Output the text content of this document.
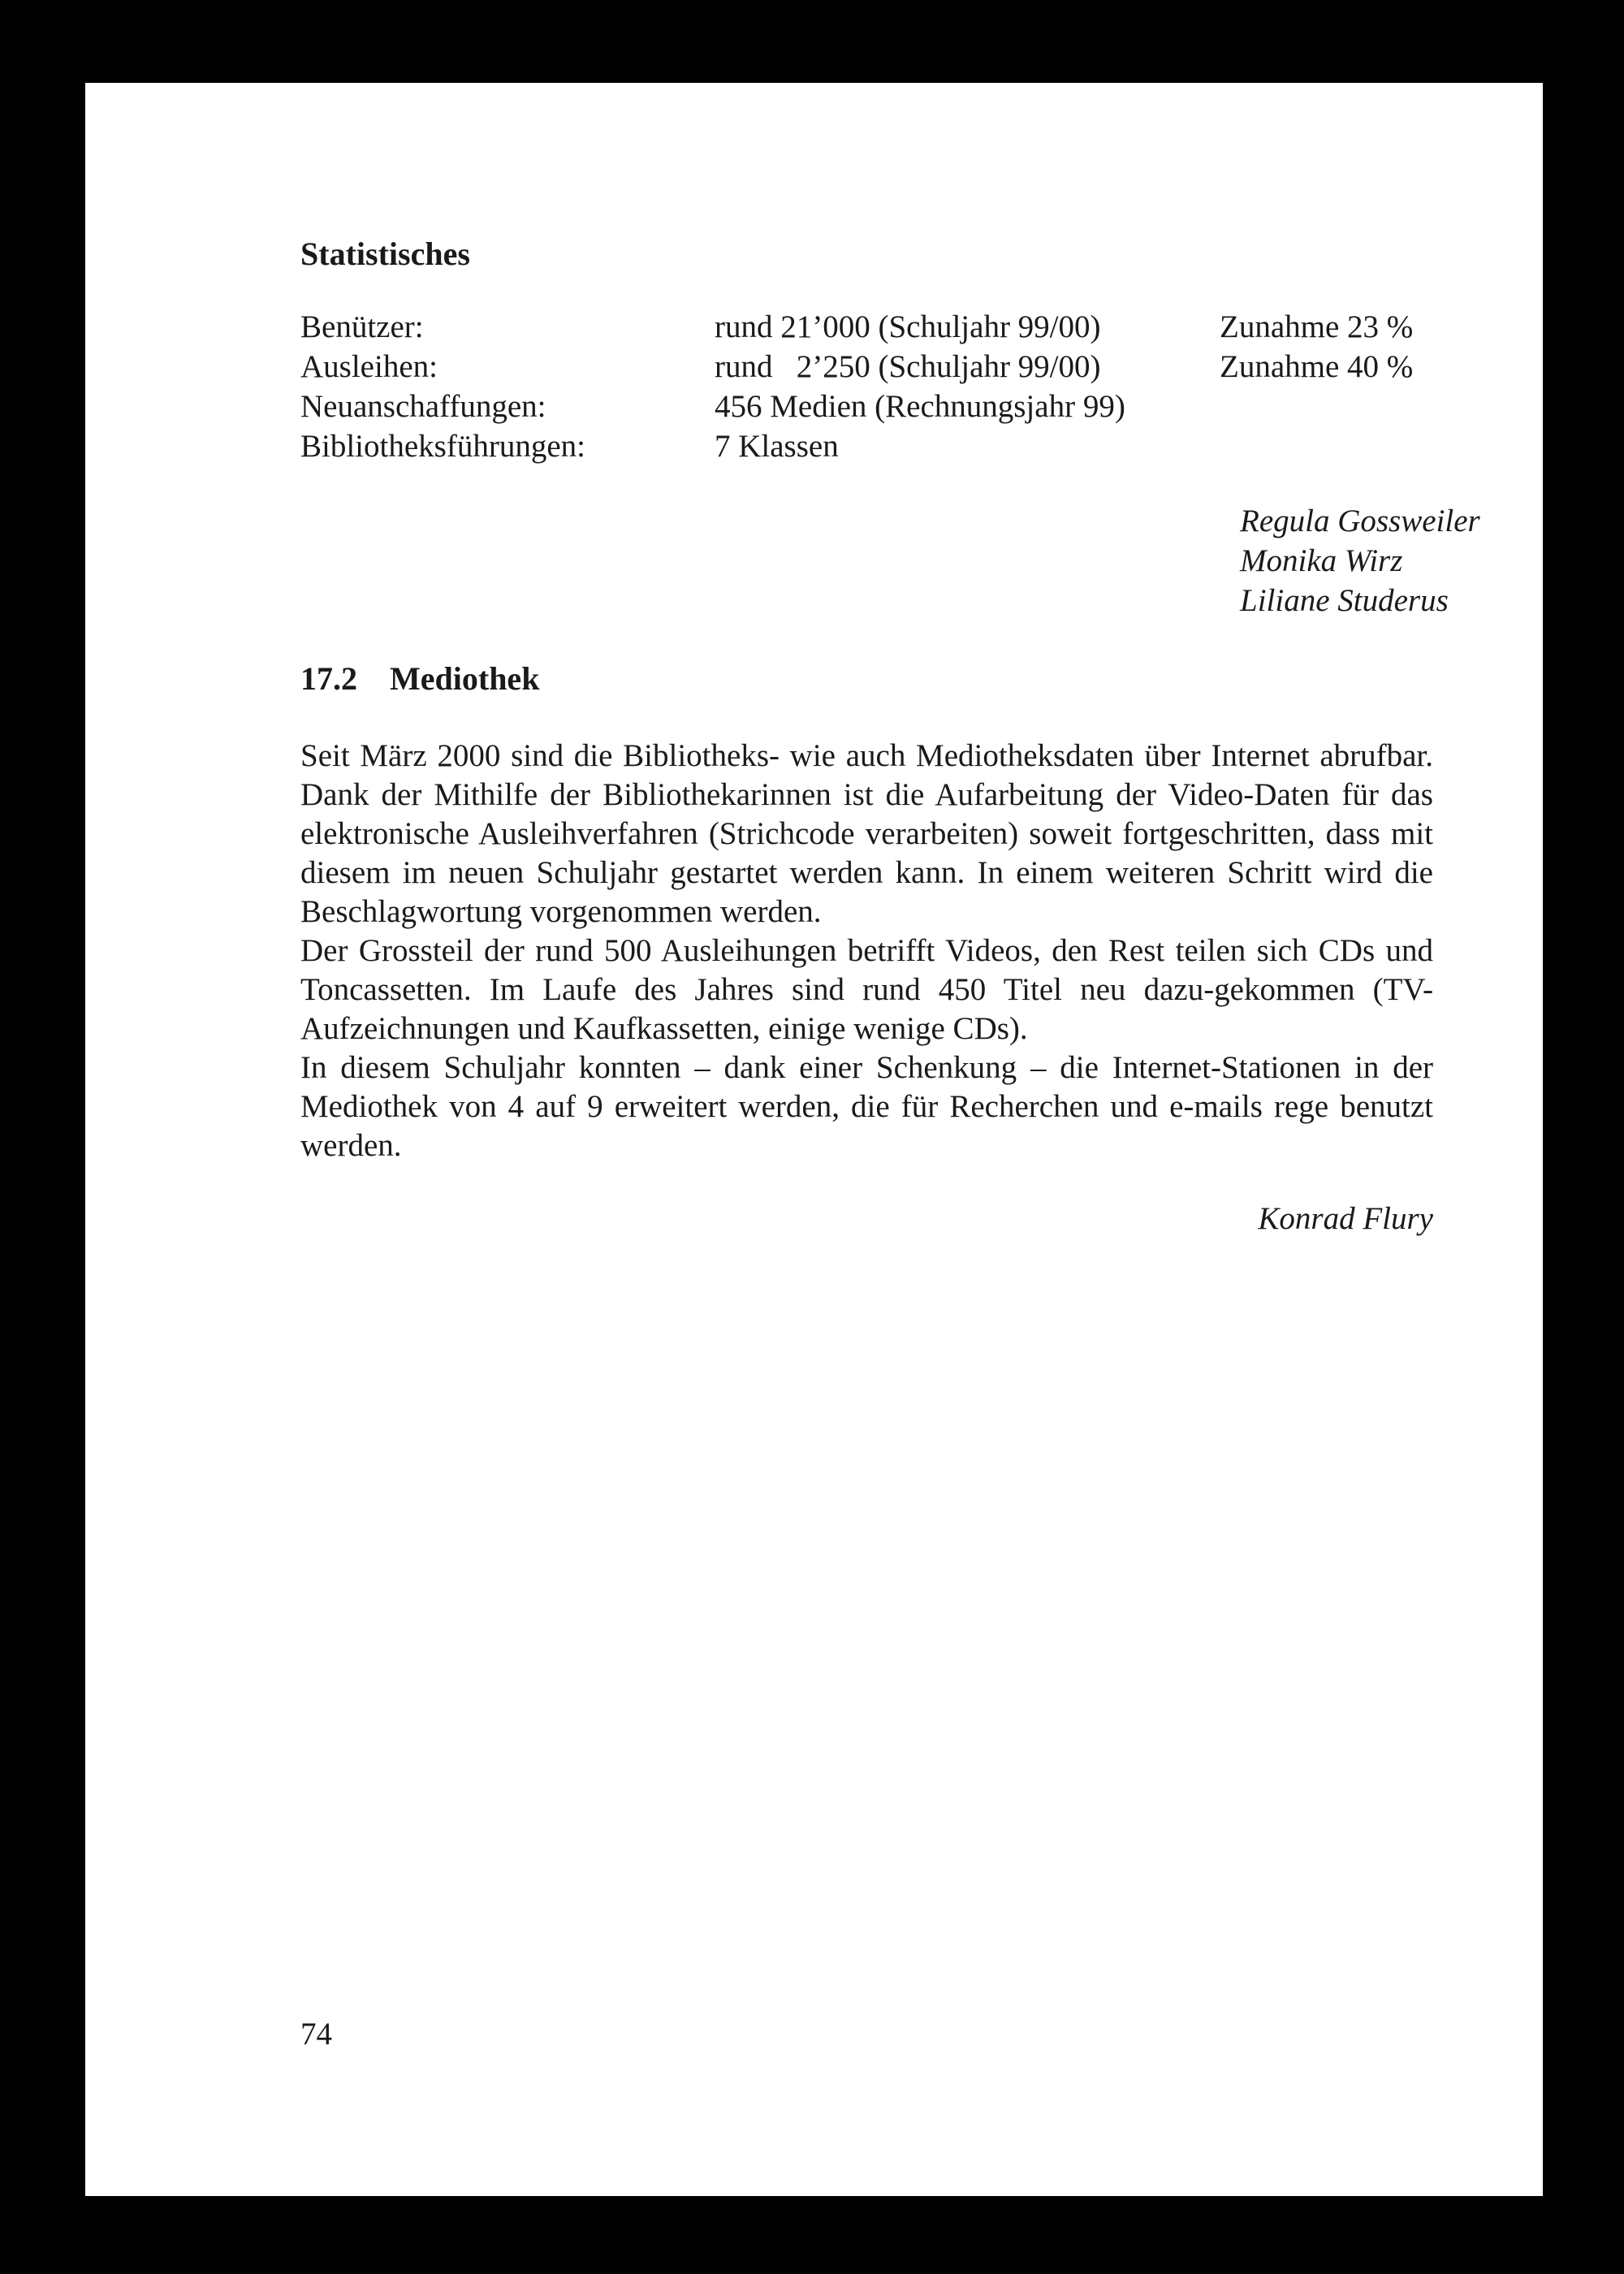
Statistisches
Benützer:	rund 21’000 (Schuljahr 99/00)	Zunahme 23 %
Ausleihen:	rund   2’250 (Schuljahr 99/00)	Zunahme 40 %
Neuanschaffungen:	456 Medien (Rechnungsjahr 99)
Bibliotheksführungen:	7 Klassen
Regula Gossweiler
Monika Wirz
Liliane Studerus
17.2 Mediothek

Seit März 2000 sind die Bibliotheks- wie auch Mediotheksdaten über Internet abrufbar. Dank der Mithilfe der Bibliothekarinnen ist die Aufarbeitung der Video-Daten für das elektronische Ausleihverfahren (Strichcode verarbeiten) soweit fortgeschritten, dass mit diesem im neuen Schuljahr gestartet werden kann. In einem weiteren Schritt wird die Beschlagwortung vorgenommen werden.

Der Grossteil der rund 500 Ausleihungen betrifft Videos, den Rest teilen sich CDs und Toncassetten. Im Laufe des Jahres sind rund 450 Titel neu dazu-gekommen (TV-Aufzeichnungen und Kaufkassetten, einige wenige CDs).

In diesem Schuljahr konnten – dank einer Schenkung – die Internet-Stationen in der Mediothek von 4 auf 9 erweitert werden, die für Recherchen und e-mails rege benutzt werden.

Konrad Flury
74
